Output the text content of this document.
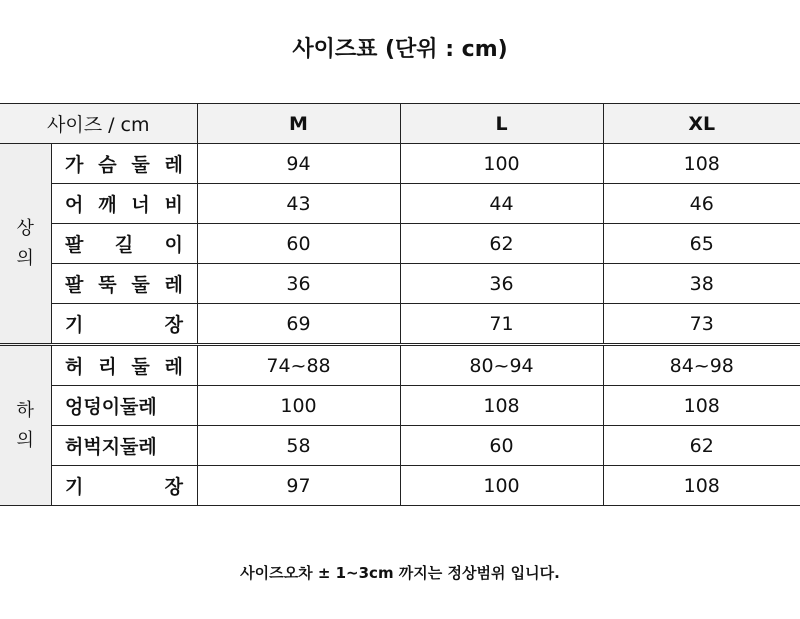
사이즈표 (단위 : cm)
사이즈 / cm		M	L	XL
상의	가 슴 둘 레	94	100	108
	어 깨 너 비	43	44	46
	팔 길 이	60	62	65
	팔 뚝 둘 레	36	36	38
	기 장	69	71	73
하의	허 리 둘 레	74~88	80~94	84~98
	엉덩이둘레	100	108	108
	허벅지둘레	58	60	62
	기 장	97	100	108
사이즈오차 ± 1~3cm 까지는 정상범위 입니다.
